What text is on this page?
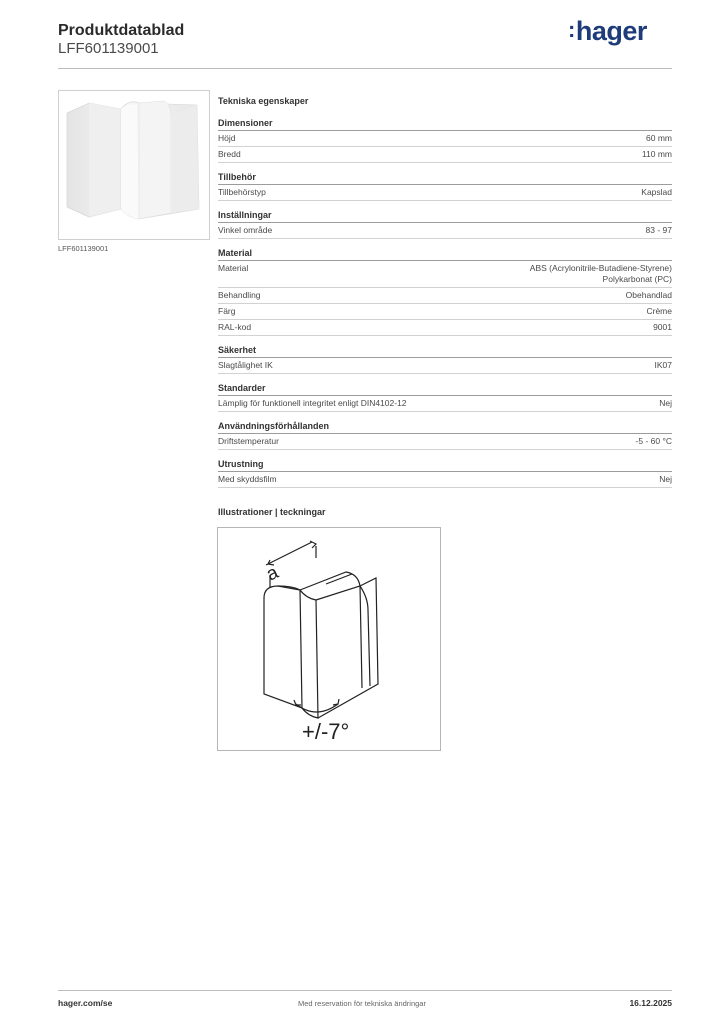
Produktdatablad
LFF601139001
:hager
LFF601139001
Tekniska egenskaper
Dimensioner
Höjd	60 mm
Bredd	110 mm
Tillbehör
Tillbehörstyp	Kapslad
Inställningar
Vinkel område	83 - 97
Material
Material	ABS (Acrylonitrile-Butadiene-Styrene)
Polykarbonat (PC)
Behandling	Obehandlad
Färg	Crème
RAL-kod	9001
Säkerhet
Slagtålighet IK	IK07
Standarder
Lämplig för funktionell integritet enligt DIN4102-12	Nej
Användningsförhållanden
Driftstemperatur	-5 - 60 °C
Utrustning
Med skyddsfilm	Nej
Illustrationer | teckningar
a
+/-7°
hager.com/se	Med reservation för tekniska ändringar	16.12.2025
